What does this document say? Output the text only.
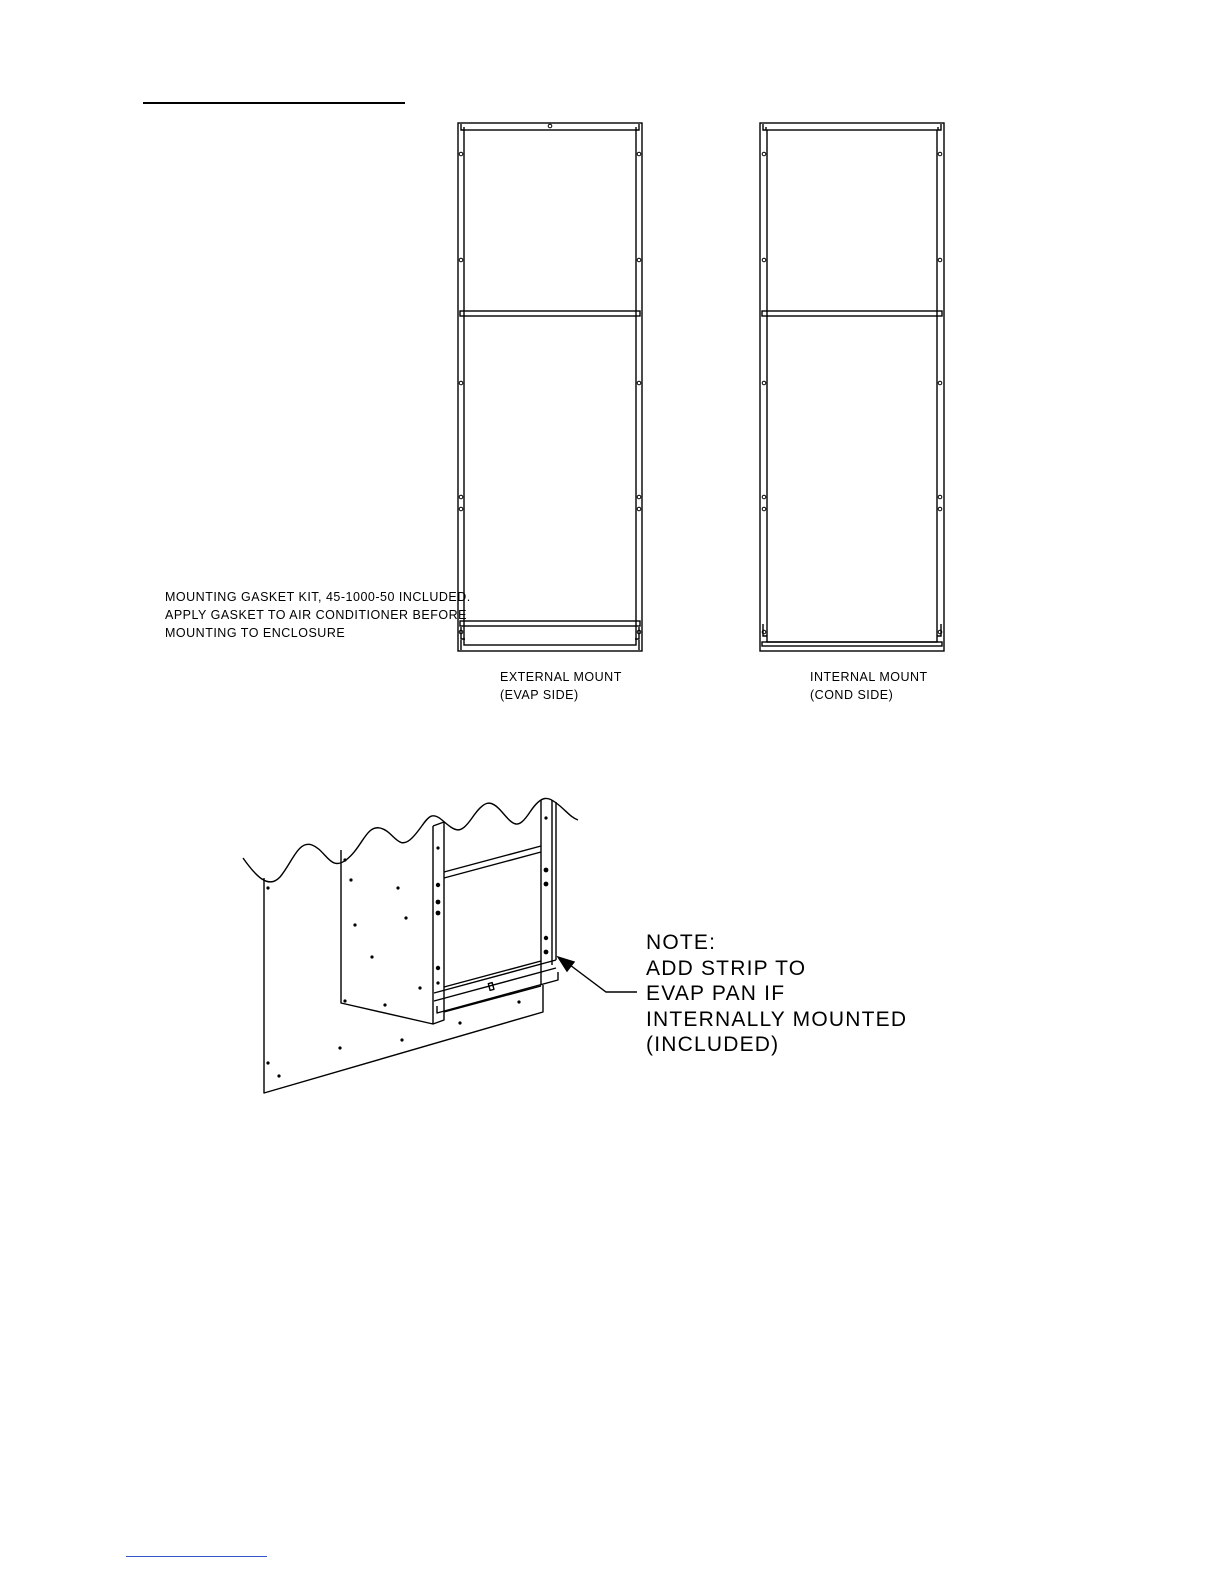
MOUNTING GASKET KIT, 45-1000-50 INCLUDED.
APPLY GASKET TO AIR CONDITIONER BEFORE
MOUNTING TO ENCLOSURE
EXTERNAL MOUNT
(EVAP SIDE)
INTERNAL MOUNT
(COND SIDE)
NOTE:
ADD STRIP TO
EVAP PAN IF
INTERNALLY MOUNTED
(INCLUDED)
